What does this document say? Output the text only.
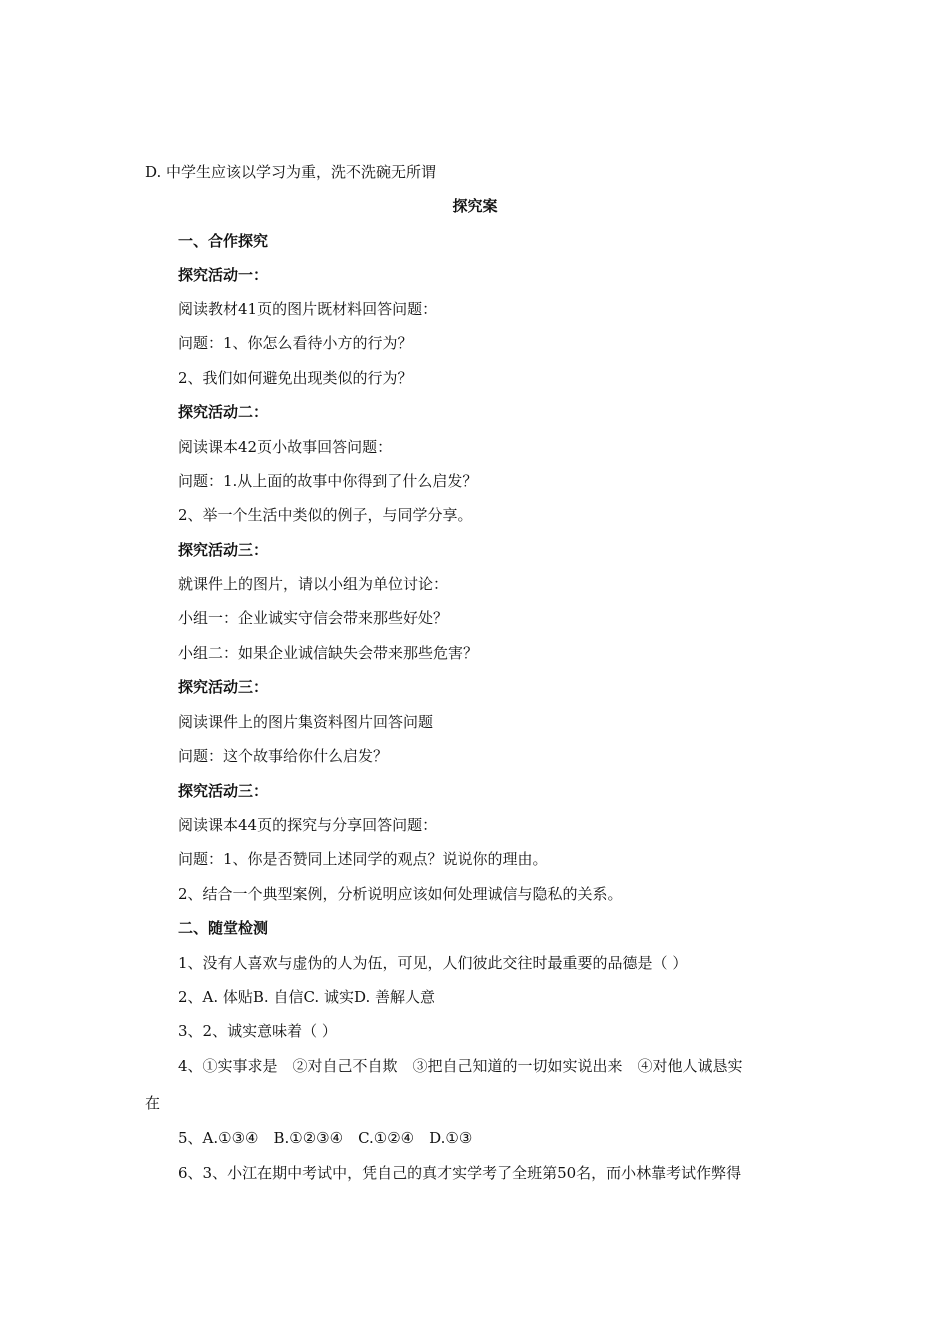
D. 中学生应该以学习为重，洗不洗碗无所谓
探究案
一、合作探究
探究活动一：
阅读教材41页的图片既材料回答问题：
问题：1、你怎么看待小方的行为？
2、我们如何避免出现类似的行为？
探究活动二：
阅读课本42页小故事回答问题：
问题：1.从上面的故事中你得到了什么启发？
2、举一个生活中类似的例子，与同学分享。
探究活动三：
就课件上的图片，请以小组为单位讨论：
小组一：企业诚实守信会带来那些好处？
小组二：如果企业诚信缺失会带来那些危害？
探究活动三：
阅读课件上的图片集资料图片回答问题
问题：这个故事给你什么启发？
探究活动三：
阅读课本44页的探究与分享回答问题：
问题：1、你是否赞同上述同学的观点？说说你的理由。
2、结合一个典型案例，分析说明应该如何处理诚信与隐私的关系。
二、随堂检测
1、没有人喜欢与虚伪的人为伍，可见，人们彼此交往时最重要的品德是（ ）
2、A. 体贴B. 自信C. 诚实D. 善解人意
3、2、诚实意味着（ ）
4、①实事求是　②对自己不自欺　③把自己知道的一切如实说出来　④对他人诚恳实
在
5、A.①③④　B.①②③④　C.①②④　D.①③
6、3、小江在期中考试中，凭自己的真才实学考了全班第50名，而小林靠考试作弊得
